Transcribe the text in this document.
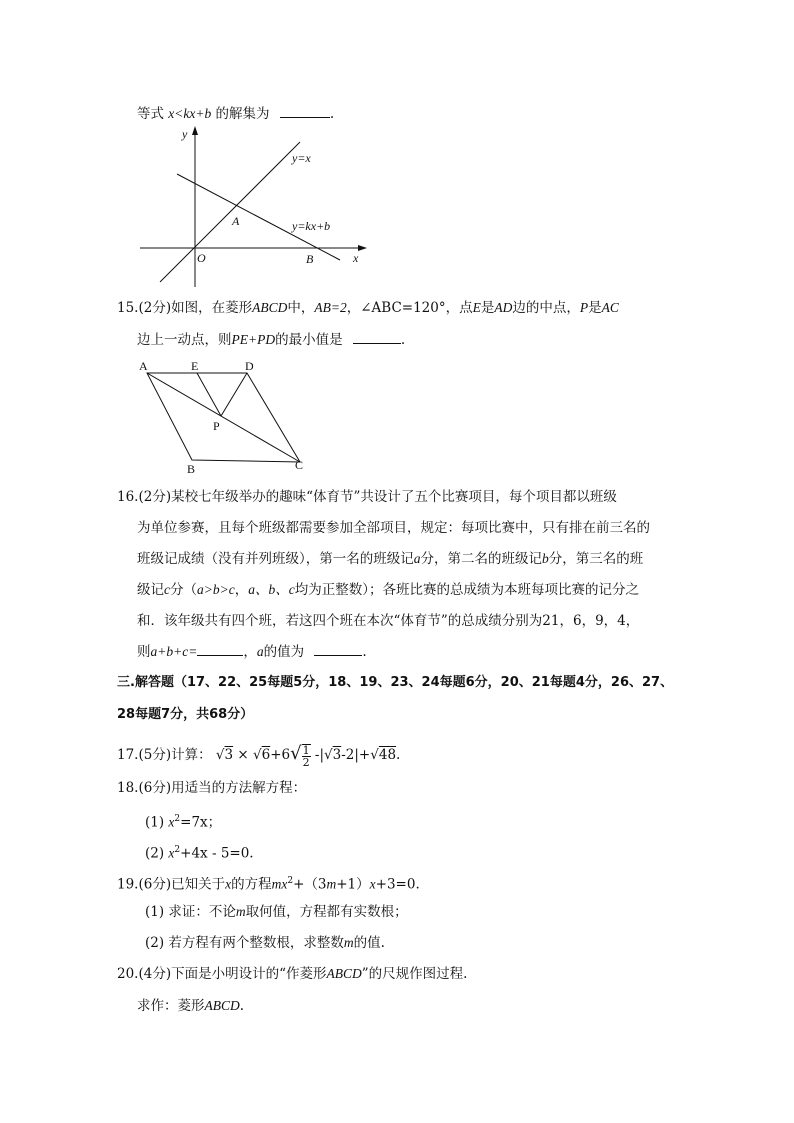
等式 x<kx+b 的解集为	.
y
x
O
y=x
y=kx+b
A
B
15.(2分)如图，在菱形ABCD中，AB=2，∠ABC=120°，点E是AD边的中点，P是AC
边上一动点，则PE+PD的最小值是	.
A	E	D
P
B	C
16.(2分)某校七年级举办的趣味“体育节”共设计了五个比赛项目，每个项目都以班级
为单位参赛，且每个班级都需要参加全部项目，规定：每项比赛中，只有排在前三名的
班级记成绩（没有并列班级），第一名的班级记a分，第二名的班级记b分，第三名的班
级记c分（a>b>c，a、b、c均为正整数）；各班比赛的总成绩为本班每项比赛的记分之
和．该年级共有四个班，若这四个班在本次“体育节”的总成绩分别为21，6，9，4，
则a+b+c=	，a的值为	.
三.解答题（17、22、25每题5分，18、19、23、24每题6分，20、21每题4分，26、27、
28每题7分，共68分）
17.(5分)计算： $√3 \times √6+6√ \frac{1}{2} -|√3-2|+√48$.
18.(6分)用适当的方法解方程：
(1) $x^2=7x$；
(2) $x^2+4x - 5=0$.
19.(6分)已知关于x的方程$mx^2+(3m+1)x+3=0$.
(1) 求证：不论m取何值，方程都有实数根；
(2) 若方程有两个整数根，求整数m的值.
20.(4分)下面是小明设计的“作菱形ABCD”的尺规作图过程.
求作：菱形ABCD.
